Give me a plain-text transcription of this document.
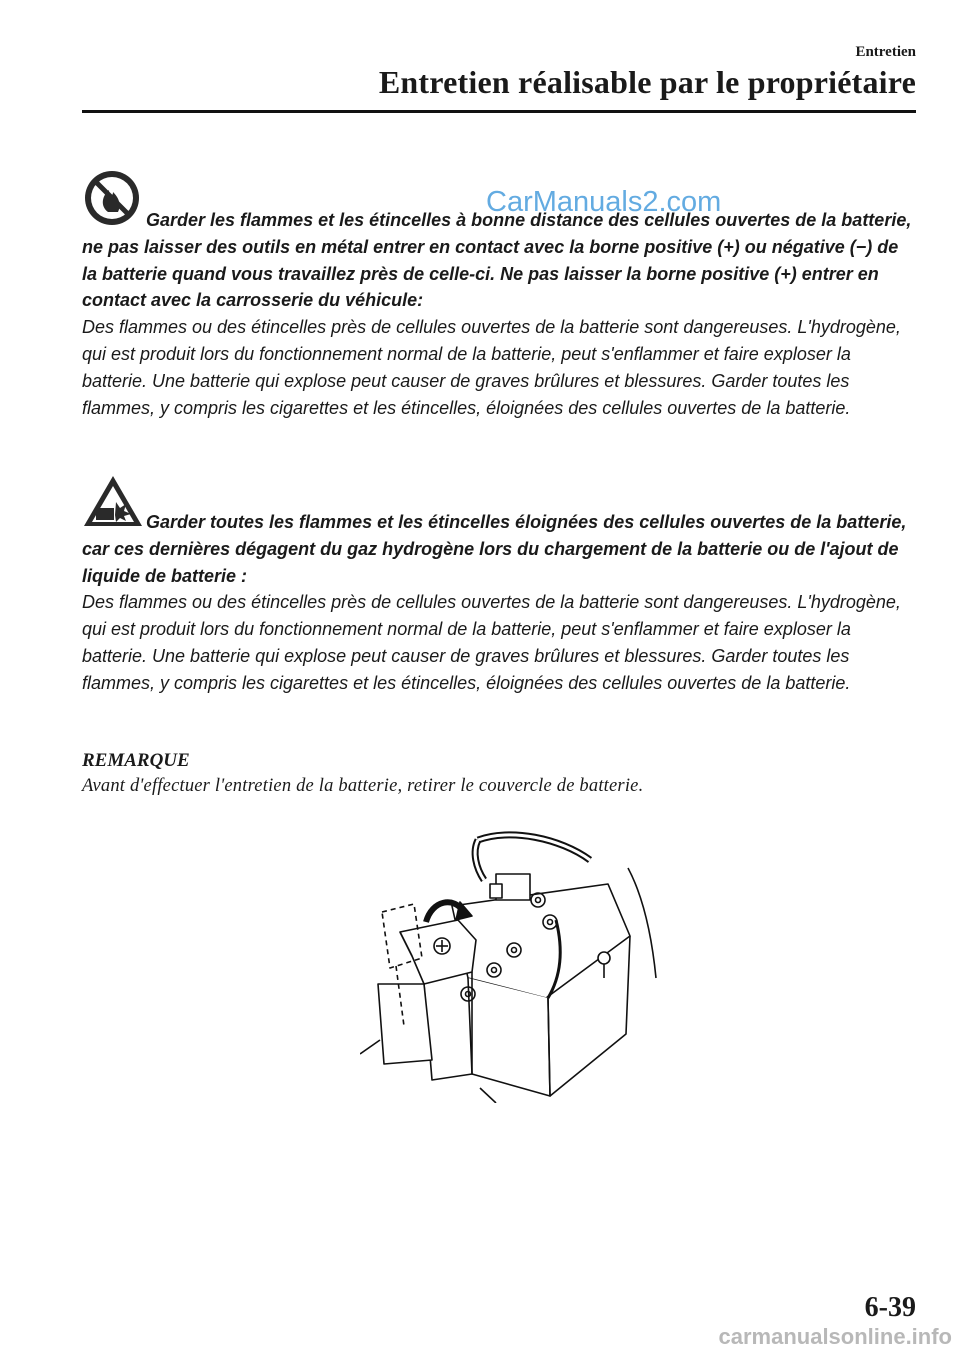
Entretien
Entretien réalisable par le propriétaire
Garder les flammes et les étincelles à bonne distance des cellules ouvertes de la batterie, ne pas laisser des outils en métal entrer en contact avec la borne positive (+) ou négative (−) de la batterie quand vous travaillez près de celle-ci. Ne pas laisser la borne positive (+) entrer en contact avec la carrosserie du véhicule:
Des flammes ou des étincelles près de cellules ouvertes de la batterie sont dangereuses. L'hydrogène, qui est produit lors du fonctionnement normal de la batterie, peut s'enflammer et faire exploser la batterie. Une batterie qui explose peut causer de graves brûlures et blessures. Garder toutes les flammes, y compris les cigarettes et les étincelles, éloignées des cellules ouvertes de la batterie.
Garder toutes les flammes et les étincelles éloignées des cellules ouvertes de la batterie, car ces dernières dégagent du gaz hydrogène lors du chargement de la batterie ou de l'ajout de liquide de batterie :
Des flammes ou des étincelles près de cellules ouvertes de la batterie sont dangereuses. L'hydrogène, qui est produit lors du fonctionnement normal de la batterie, peut s'enflammer et faire exploser la batterie. Une batterie qui explose peut causer de graves brûlures et blessures. Garder toutes les flammes, y compris les cigarettes et les étincelles, éloignées des cellules ouvertes de la batterie.
REMARQUE
Avant d'effectuer l'entretien de la batterie, retirer le couvercle de batterie.
CarManuals2.com
6-39
carmanualsonline.info
